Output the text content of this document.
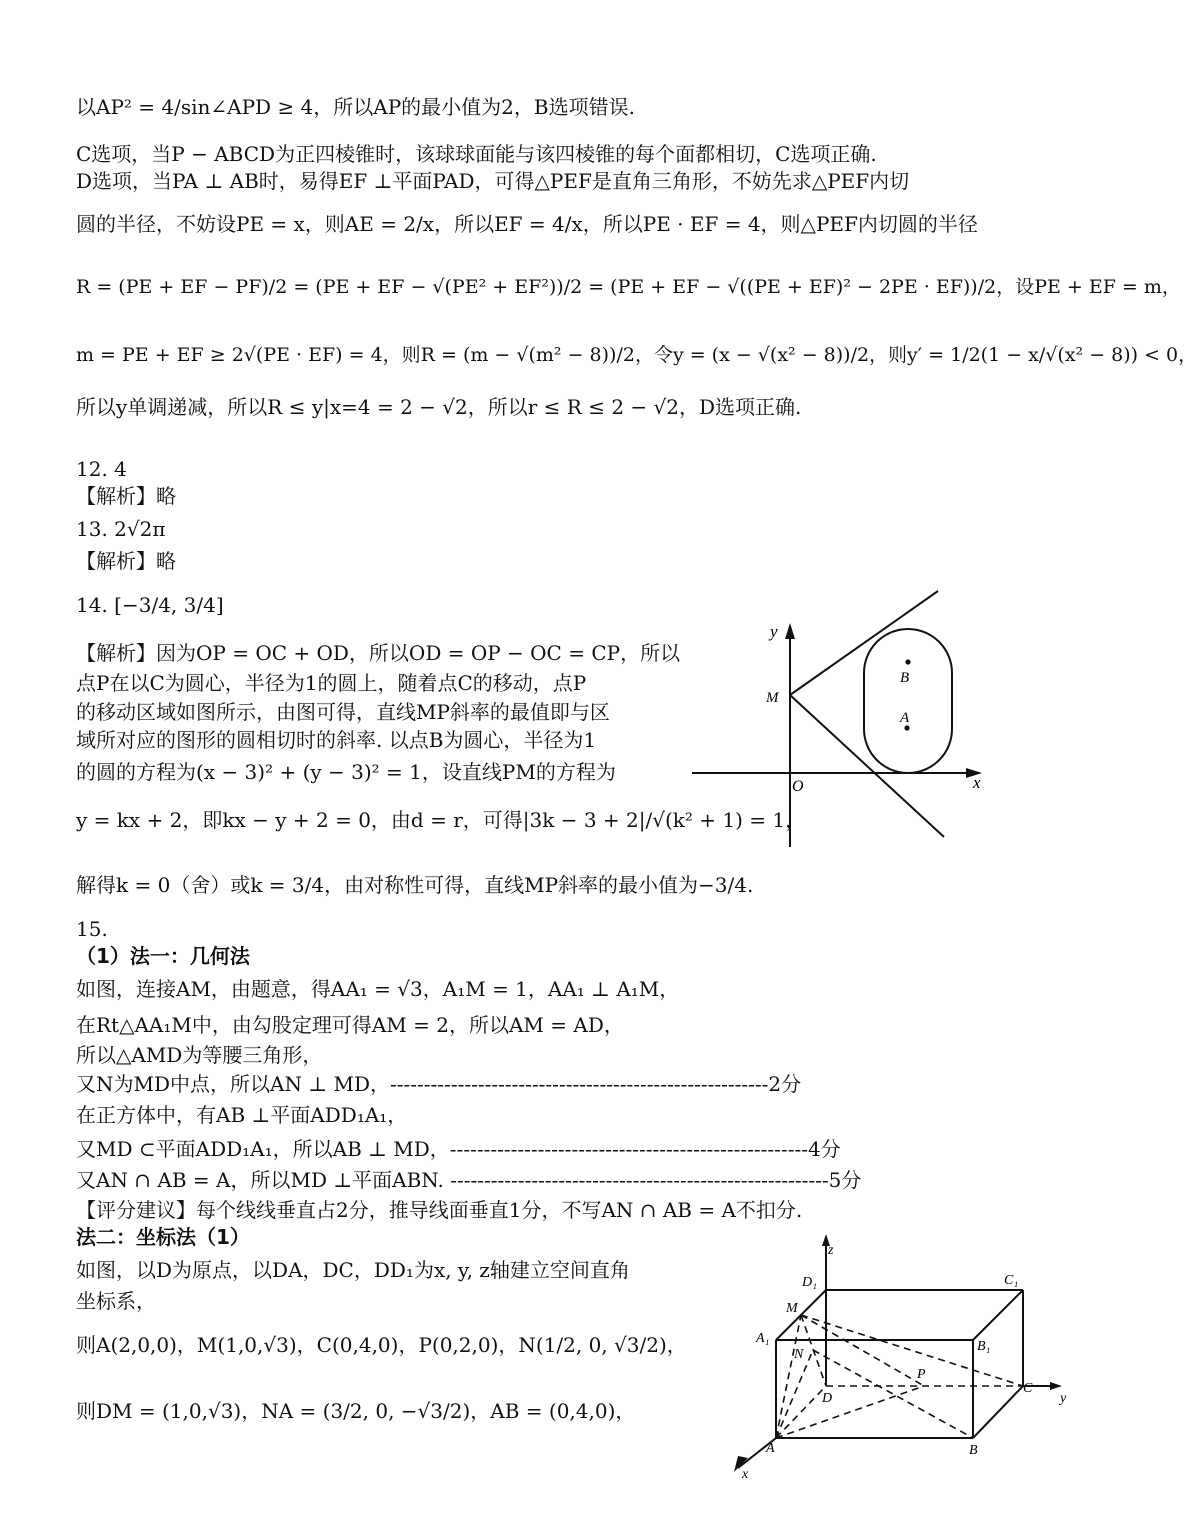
以AP² = 4/sin∠APD ≥ 4，所以AP的最小值为2，B选项错误.
C选项，当P − ABCD为正四棱锥时，该球球面能与该四棱锥的每个面都相切，C选项正确.
D选项，当PA ⊥ AB时，易得EF ⊥平面PAD，可得△PEF是直角三角形，不妨先求△PEF内切
圆的半径，不妨设PE = x，则AE = 2/x，所以EF = 4/x，所以PE · EF = 4，则△PEF内切圆的半径
R = (PE + EF − PF)/2 = (PE + EF − √(PE² + EF²))/2 = (PE + EF − √((PE + EF)² − 2PE · EF))/2，设PE + EF = m，
m = PE + EF ≥ 2√(PE · EF) = 4，则R = (m − √(m² − 8))/2，令y = (x − √(x² − 8))/2，则y′ = 1/2(1 − x/√(x² − 8)) < 0，
所以y单调递减，所以R ≤ y|x=4 = 2 − √2，所以r ≤ R ≤ 2 − √2，D选项正确.
12. 4
【解析】略
13. 2√2π
【解析】略
14. [−3/4, 3/4]
【解析】因为OP = OC + OD，所以OD = OP − OC = CP，所以
点P在以C为圆心，半径为1的圆上，随着点C的移动，点P
的移动区域如图所示，由图可得，直线MP斜率的最值即与区
域所对应的图形的圆相切时的斜率. 以点B为圆心，半径为1
的圆的方程为(x − 3)² + (y − 3)² = 1，设直线PM的方程为
y = kx + 2，即kx − y + 2 = 0，由d = r，可得|3k − 3 + 2|/√(k² + 1) = 1，
解得k = 0（舍）或k = 3/4，由对称性可得，直线MP斜率的最小值为−3/4.
15.
（1）法一：几何法
如图，连接AM，由题意，得AA₁ = √3，A₁M = 1，AA₁ ⊥ A₁M，
在Rt△AA₁M中，由勾股定理可得AM = 2，所以AM = AD，
所以△AMD为等腰三角形，
又N为MD中点，所以AN ⊥ MD，--------------------------------------------------------2分
在正方体中，有AB ⊥平面ADD₁A₁，
又MD ⊂平面ADD₁A₁，所以AB ⊥ MD，-----------------------------------------------------4分
又AN ∩ AB = A，所以MD ⊥平面ABN. --------------------------------------------------------5分
【评分建议】每个线线垂直占2分，推导线面垂直1分，不写AN ∩ AB = A不扣分.
法二：坐标法（1）
如图，以D为原点，以DA，DC，DD₁为x, y, z轴建立空间直角
坐标系，
则A(2,0,0)，M(1,0,√3)，C(0,4,0)，P(0,2,0)，N(1/2, 0, √3/2)，
则DM = (1,0,√3)，NA = (3/2, 0, −√3/2)，AB = (0,4,0)，
y
x
O
M
B
A
z
y
x
D₁	C₁
A₁
B₁
M
N
D
P
C
A	B
